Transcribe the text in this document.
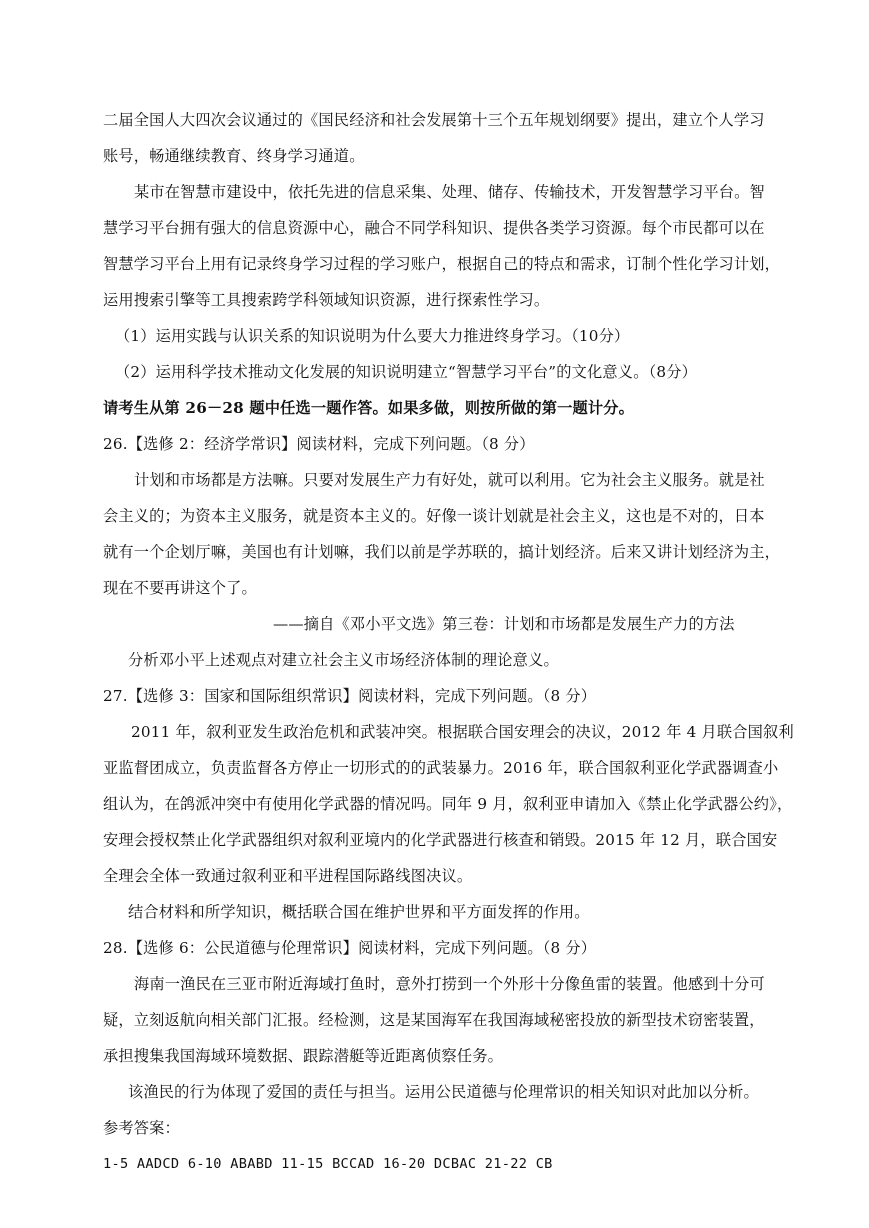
二届全国人大四次会议通过的《国民经济和社会发展第十三个五年规划纲要》提出，建立个人学习
账号，畅通继续教育、终身学习通道。
某市在智慧市建设中，依托先进的信息采集、处理、储存、传输技术，开发智慧学习平台。智
慧学习平台拥有强大的信息资源中心，融合不同学科知识、提供各类学习资源。每个市民都可以在
智慧学习平台上用有记录终身学习过程的学习账户，根据自己的特点和需求，订制个性化学习计划，
运用搜索引擎等工具搜索跨学科领域知识资源，进行探索性学习。
（1）运用实践与认识关系的知识说明为什么要大力推进终身学习。（10分）
（2）运用科学技术推动文化发展的知识说明建立“智慧学习平台”的文化意义。（8分）
请考生从第 26－28 题中任选一题作答。如果多做，则按所做的第一题计分。
26.【选修 2：经济学常识】阅读材料，完成下列问题。（8 分）
计划和市场都是方法嘛。只要对发展生产力有好处，就可以利用。它为社会主义服务。就是社
会主义的；为资本主义服务，就是资本主义的。好像一谈计划就是社会主义，这也是不对的，日本
就有一个企划厅嘛，美国也有计划嘛，我们以前是学苏联的，搞计划经济。后来又讲计划经济为主，
现在不要再讲这个了。
——摘自《邓小平文选》第三卷：计划和市场都是发展生产力的方法
分析邓小平上述观点对建立社会主义市场经济体制的理论意义。
27.【选修 3：国家和国际组织常识】阅读材料，完成下列问题。（8 分）
2011 年，叙利亚发生政治危机和武装冲突。根据联合国安理会的决议，2012 年 4 月联合国叙利
亚监督团成立，负责监督各方停止一切形式的的武装暴力。2016 年，联合国叙利亚化学武器调查小
组认为，在鸽派冲突中有使用化学武器的情况吗。同年 9 月，叙利亚申请加入《禁止化学武器公约》，
安理会授权禁止化学武器组织对叙利亚境内的化学武器进行核查和销毁。2015 年 12 月，联合国安
全理会全体一致通过叙利亚和平进程国际路线图决议。
结合材料和所学知识，概括联合国在维护世界和平方面发挥的作用。
28.【选修 6：公民道德与伦理常识】阅读材料，完成下列问题。（8 分）
海南一渔民在三亚市附近海域打鱼时，意外打捞到一个外形十分像鱼雷的装置。他感到十分可
疑，立刻返航向相关部门汇报。经检测，这是某国海军在我国海域秘密投放的新型技术窃密装置，
承担搜集我国海域环境数据、跟踪潜艇等近距离侦察任务。
该渔民的行为体现了爱国的责任与担当。运用公民道德与伦理常识的相关知识对此加以分析。
参考答案：
1-5 AADCD 6-10 ABABD 11-15 BCCAD 16-20 DCBAC 21-22 CB
